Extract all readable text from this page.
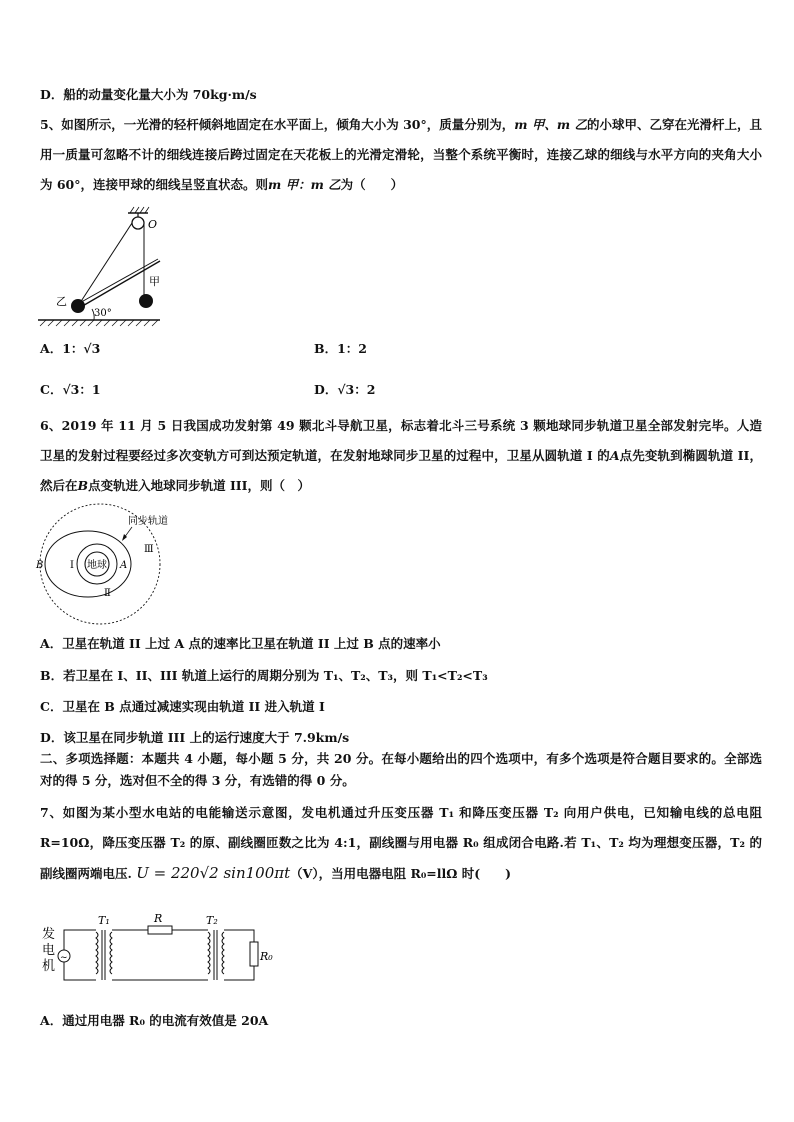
D．船的动量变化量大小为 70kg·m/s
5、如图所示，一光滑的轻杆倾斜地固定在水平面上，倾角大小为 30°，质量分别为，m 甲、m 乙的小球甲、乙穿在光滑杆上，且用一质量可忽略不计的细线连接后跨过固定在天花板上的光滑定滑轮，当整个系统平衡时，连接乙球的细线与水平方向的夹角大小为 60°，连接甲球的细线呈竖直状态。则m 甲：m 乙为（　　）
O
30°
甲
乙
A．1：√3	B．1：2
C．√3：1	D．√3：2
6、2019 年 11 月 5 日我国成功发射第 49 颗北斗导航卫星，标志着北斗三号系统 3 颗地球同步轨道卫星全部发射完毕。人造卫星的发射过程要经过多次变轨方可到达预定轨道，在发射地球同步卫星的过程中，卫星从圆轨道 I 的A点先变轨到椭圆轨道 II，然后在B点变轨进入地球同步轨道 III，则（　）
地球
I	A
B
Ⅱ
Ⅲ
同步轨道
A．卫星在轨道 II 上过 A 点的速率比卫星在轨道 II 上过 B 点的速率小
B．若卫星在 I、II、III 轨道上运行的周期分别为 T₁、T₂、T₃，则 T₁<T₂<T₃
C．卫星在 B 点通过减速实现由轨道 II 进入轨道 I
D．该卫星在同步轨道 III 上的运行速度大于 7.9km/s
二、多项选择题：本题共 4 小题，每小题 5 分，共 20 分。在每小题给出的四个选项中，有多个选项是符合题目要求的。全部选对的得 5 分，选对但不全的得 3 分，有选错的得 0 分。
7、如图为某小型水电站的电能输送示意图，发电机通过升压变压器 T₁ 和降压变压器 T₂ 向用户供电，已知输电线的总电阻 R=10Ω，降压变压器 T₂ 的原、副线圈匝数之比为 4:1，副线圈与用电器 R₀ 组成闭合电路.若 T₁、T₂ 均为理想变压器，T₂ 的副线圈两端电压. U = 220√2 sin100πt（V），当用电器电阻 R₀=llΩ 时(　　)
发
电
机
~
T₁	R	T₂
R₀
A．通过用电器 R₀ 的电流有效值是 20A
